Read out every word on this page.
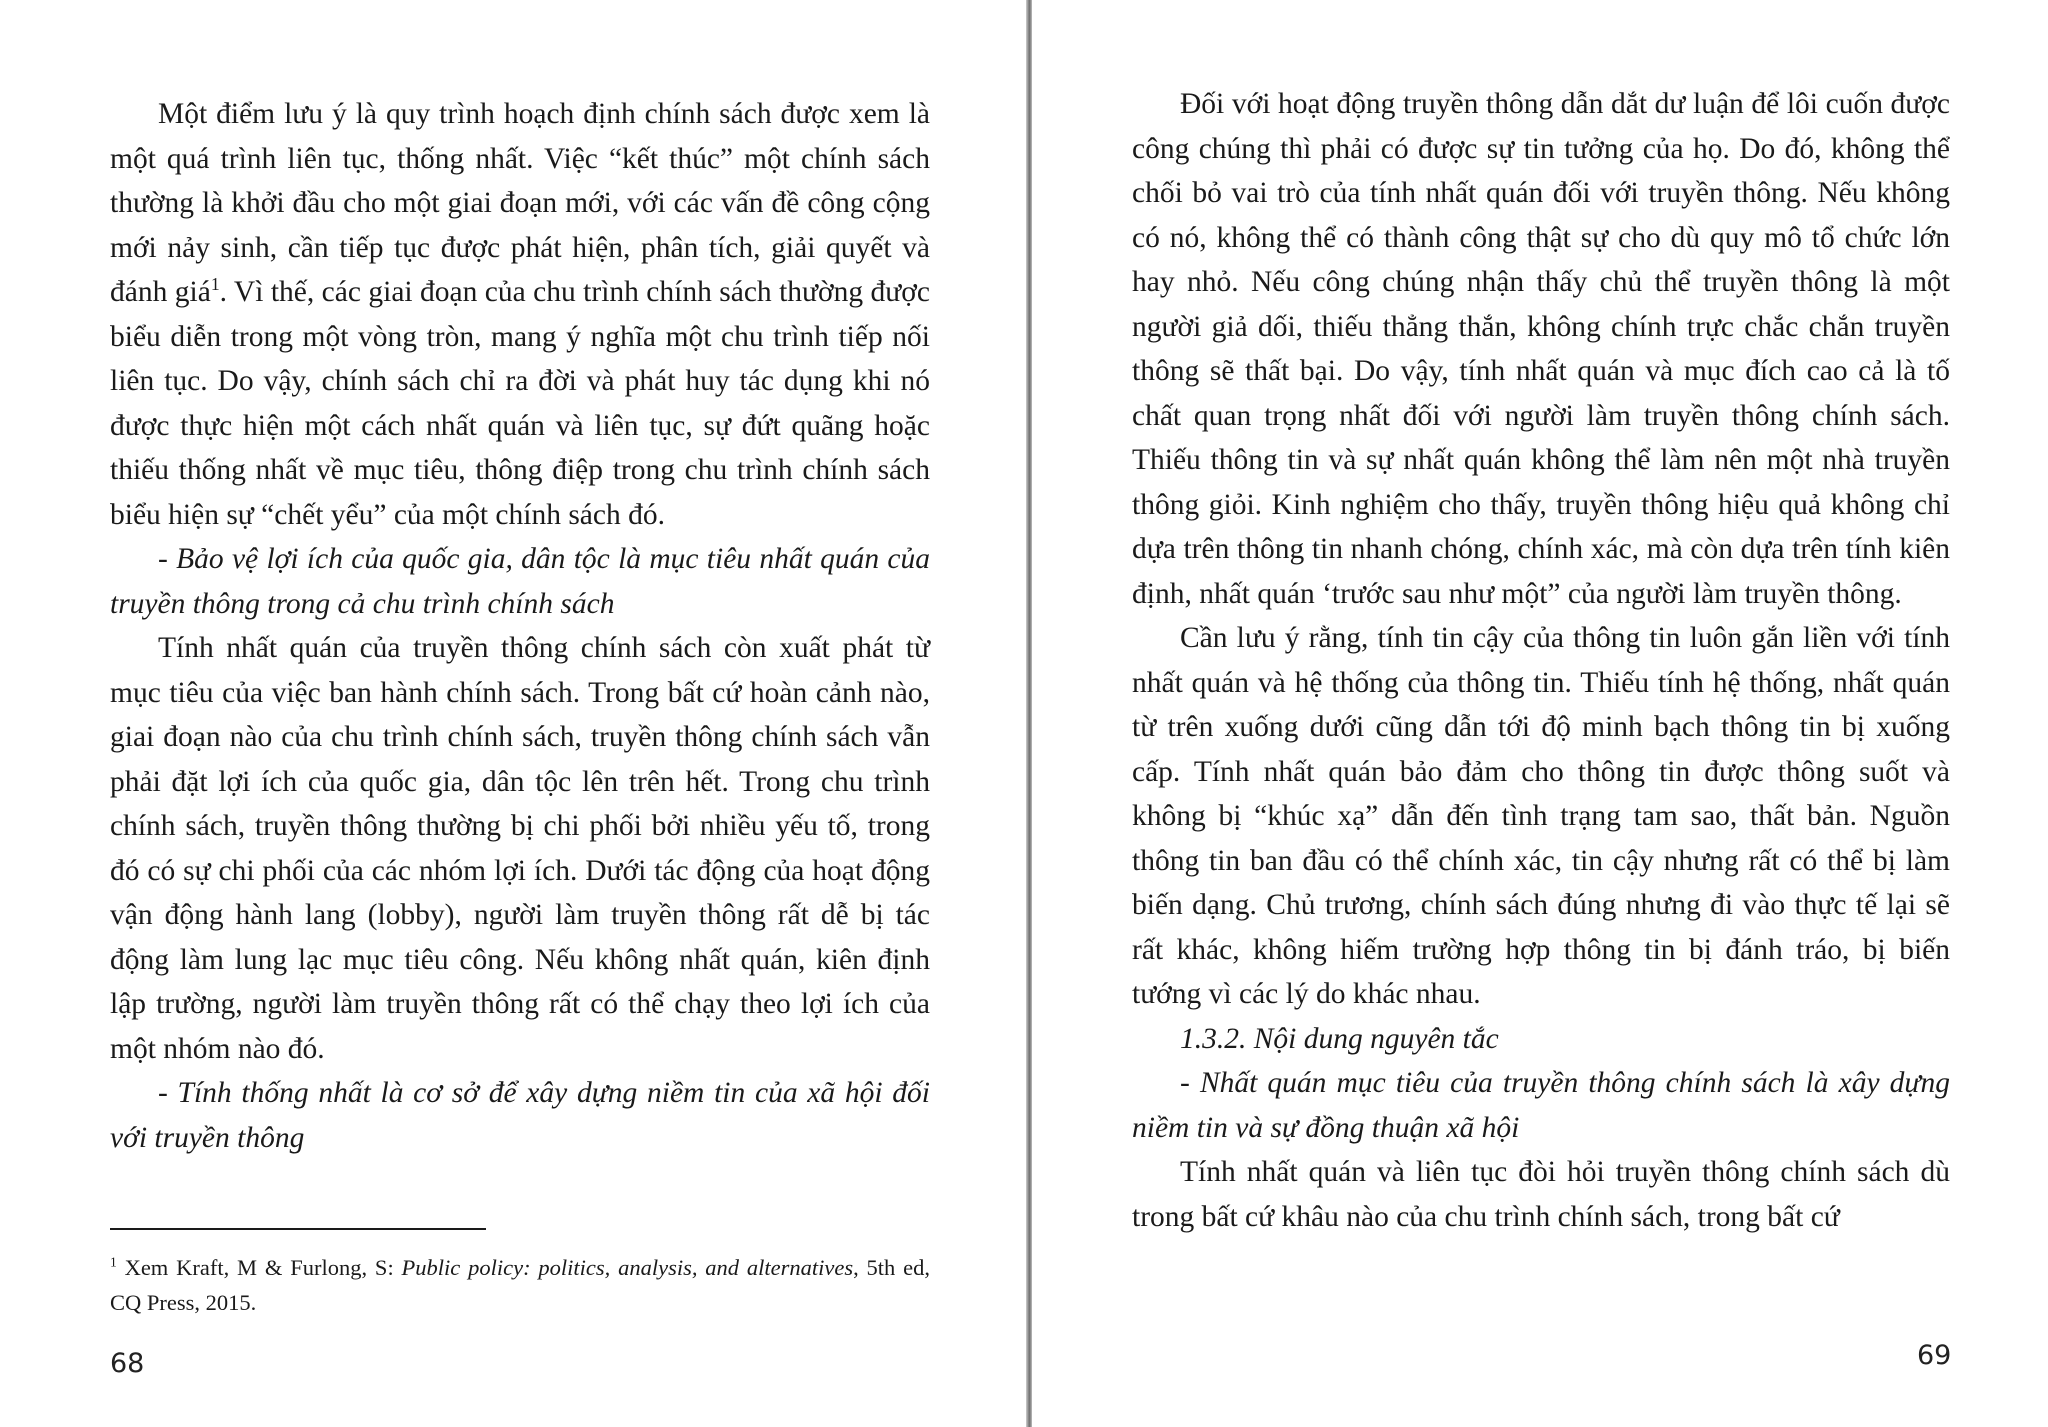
Một điểm lưu ý là quy trình hoạch định chính sách được xem là một quá trình liên tục, thống nhất. Việc “kết thúc” một chính sách thường là khởi đầu cho một giai đoạn mới, với các vấn đề công cộng mới nảy sinh, cần tiếp tục được phát hiện, phân tích, giải quyết và đánh giá$^1$. Vì thế, các giai đoạn của chu trình chính sách thường được biểu diễn trong một vòng tròn, mang ý nghĩa một chu trình tiếp nối liên tục. Do vậy, chính sách chỉ ra đời và phát huy tác dụng khi nó được thực hiện một cách nhất quán và liên tục, sự đứt quãng hoặc thiếu thống nhất về mục tiêu, thông điệp trong chu trình chính sách biểu hiện sự “chết yểu” của một chính sách đó.

- Bảo vệ lợi ích của quốc gia, dân tộc là mục tiêu nhất quán của truyền thông trong cả chu trình chính sách

Tính nhất quán của truyền thông chính sách còn xuất phát từ mục tiêu của việc ban hành chính sách. Trong bất cứ hoàn cảnh nào, giai đoạn nào của chu trình chính sách, truyền thông chính sách vẫn phải đặt lợi ích của quốc gia, dân tộc lên trên hết. Trong chu trình chính sách, truyền thông thường bị chi phối bởi nhiều yếu tố, trong đó có sự chi phối của các nhóm lợi ích. Dưới tác động của hoạt động vận động hành lang (lobby), người làm truyền thông rất dễ bị tác động làm lung lạc mục tiêu công. Nếu không nhất quán, kiên định lập trường, người làm truyền thông rất có thể chạy theo lợi ích của một nhóm nào đó.

- Tính thống nhất là cơ sở để xây dựng niềm tin của xã hội đối với truyền thông

$^1$ Xem Kraft, M & Furlong, S: Public policy: politics, analysis, and alternatives, 5th ed, CQ Press, 2015.
68

Đối với hoạt động truyền thông dẫn dắt dư luận để lôi cuốn được công chúng thì phải có được sự tin tưởng của họ. Do đó, không thể chối bỏ vai trò của tính nhất quán đối với truyền thông. Nếu không có nó, không thể có thành công thật sự cho dù quy mô tổ chức lớn hay nhỏ. Nếu công chúng nhận thấy chủ thể truyền thông là một người giả dối, thiếu thẳng thắn, không chính trực chắc chắn truyền thông sẽ thất bại. Do vậy, tính nhất quán và mục đích cao cả là tố chất quan trọng nhất đối với người làm truyền thông chính sách. Thiếu thông tin và sự nhất quán không thể làm nên một nhà truyền thông giỏi. Kinh nghiệm cho thấy, truyền thông hiệu quả không chỉ dựa trên thông tin nhanh chóng, chính xác, mà còn dựa trên tính kiên định, nhất quán ‘trước sau như một” của người làm truyền thông.

Cần lưu ý rằng, tính tin cậy của thông tin luôn gắn liền với tính nhất quán và hệ thống của thông tin. Thiếu tính hệ thống, nhất quán từ trên xuống dưới cũng dẫn tới độ minh bạch thông tin bị xuống cấp. Tính nhất quán bảo đảm cho thông tin được thông suốt và không bị “khúc xạ” dẫn đến tình trạng tam sao, thất bản. Nguồn thông tin ban đầu có thể chính xác, tin cậy nhưng rất có thể bị làm biến dạng. Chủ trương, chính sách đúng nhưng đi vào thực tế lại sẽ rất khác, không hiếm trường hợp thông tin bị đánh tráo, bị biến tướng vì các lý do khác nhau.

1.3.2. Nội dung nguyên tắc

- Nhất quán mục tiêu của truyền thông chính sách là xây dựng niềm tin và sự đồng thuận xã hội

Tính nhất quán và liên tục đòi hỏi truyền thông chính sách dù trong bất cứ khâu nào của chu trình chính sách, trong bất cứ

69
